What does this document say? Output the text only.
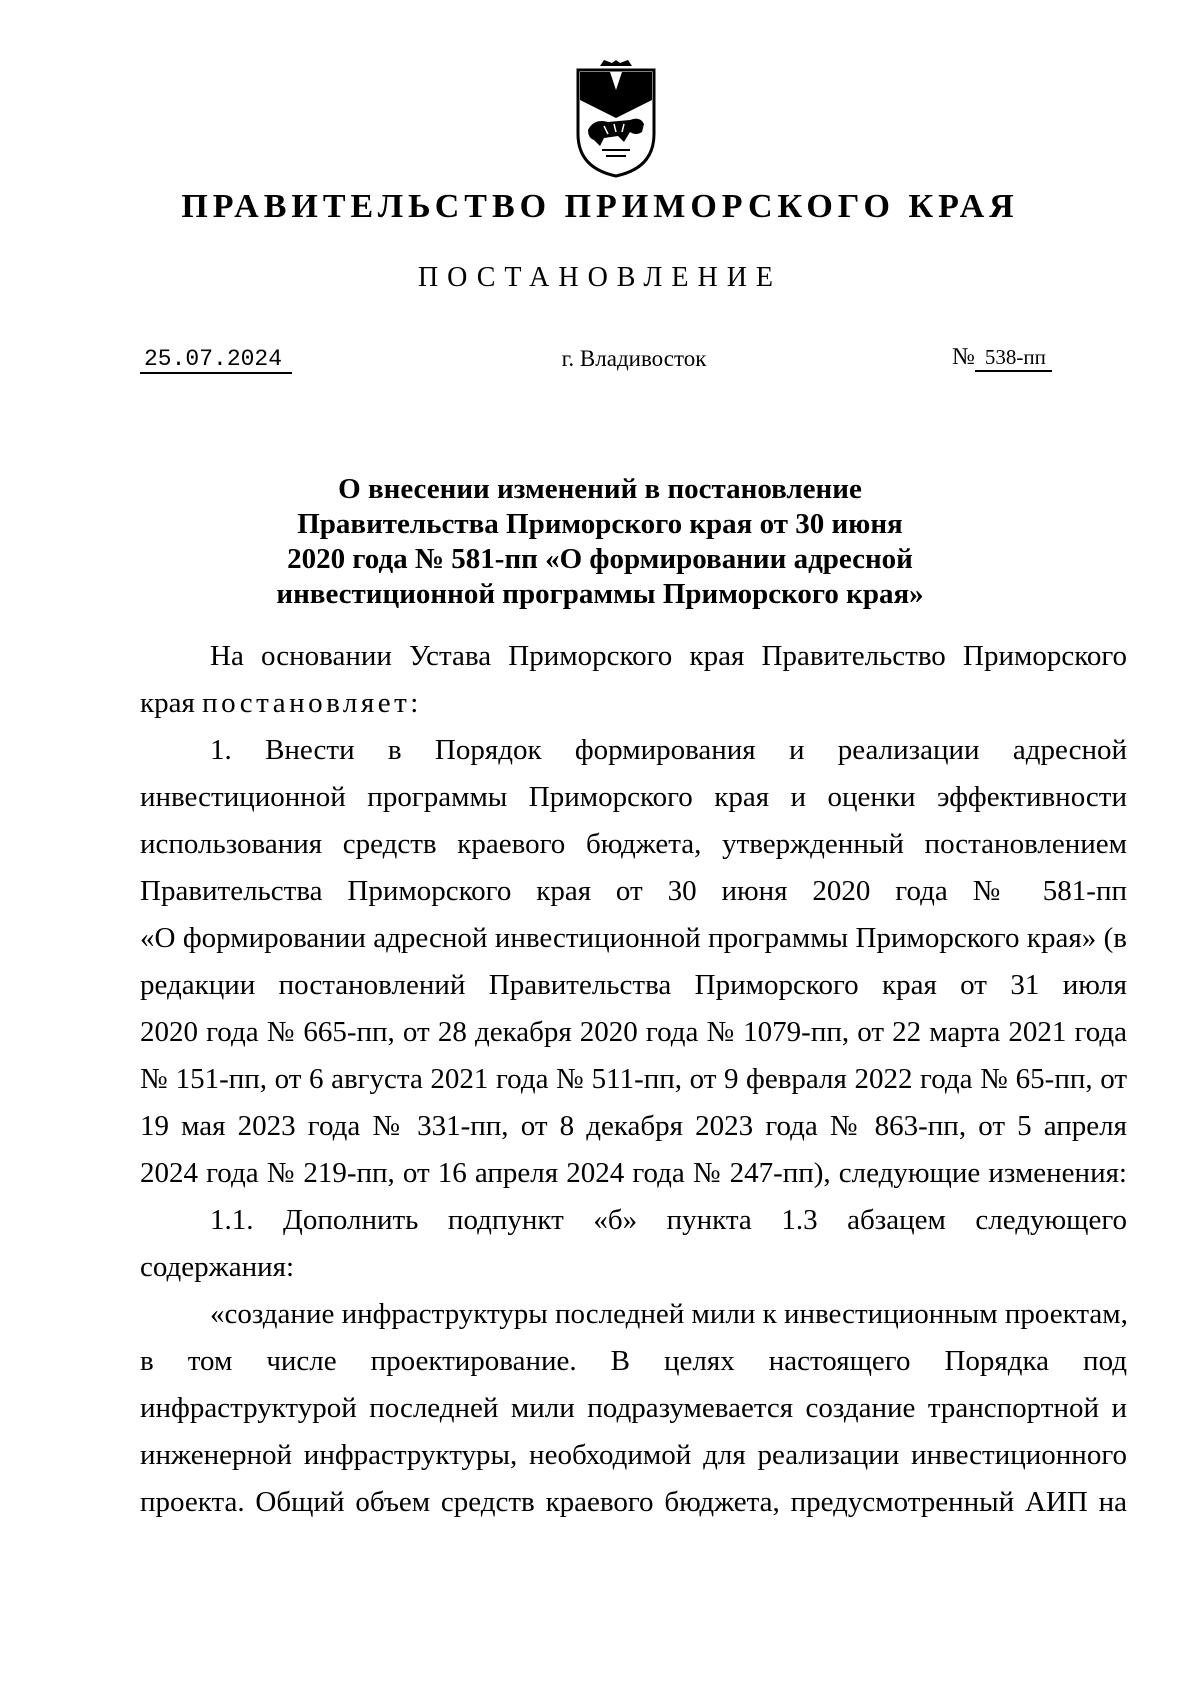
ПРАВИТЕЛЬСТВО ПРИМОРСКОГО КРАЯ
ПОСТАНОВЛЕНИЕ
25.07.2024	г. Владивосток	№ 538-пп
О внесении изменений в постановление
Правительства Приморского края от 30 июня
2020 года № 581-пп «О формировании адресной
инвестиционной программы Приморского края»
На основании Устава Приморского края Правительство Приморского
края постановляет:
1. Внести в Порядок формирования и реализации адресной
инвестиционной программы Приморского края и оценки эффективности
использования средств краевого бюджета, утвержденный постановлением
Правительства Приморского края от 30 июня 2020 года № 581-пп
«О формировании адресной инвестиционной программы Приморского края» (в
редакции постановлений Правительства Приморского края от 31 июля
2020 года № 665-пп, от 28 декабря 2020 года № 1079-пп, от 22 марта 2021 года
№ 151-пп, от 6 августа 2021 года № 511-пп, от 9 февраля 2022 года № 65-пп, от
19 мая 2023 года № 331-пп, от 8 декабря 2023 года № 863-пп, от 5 апреля
2024 года № 219-пп, от 16 апреля 2024 года № 247-пп), следующие изменения:
1.1. Дополнить подпункт «б» пункта 1.3 абзацем следующего
содержания:
«создание инфраструктуры последней мили к инвестиционным проектам,
в том числе проектирование. В целях настоящего Порядка под
инфраструктурой последней мили подразумевается создание транспортной и
инженерной инфраструктуры, необходимой для реализации инвестиционного
проекта. Общий объем средств краевого бюджета, предусмотренный АИП на
